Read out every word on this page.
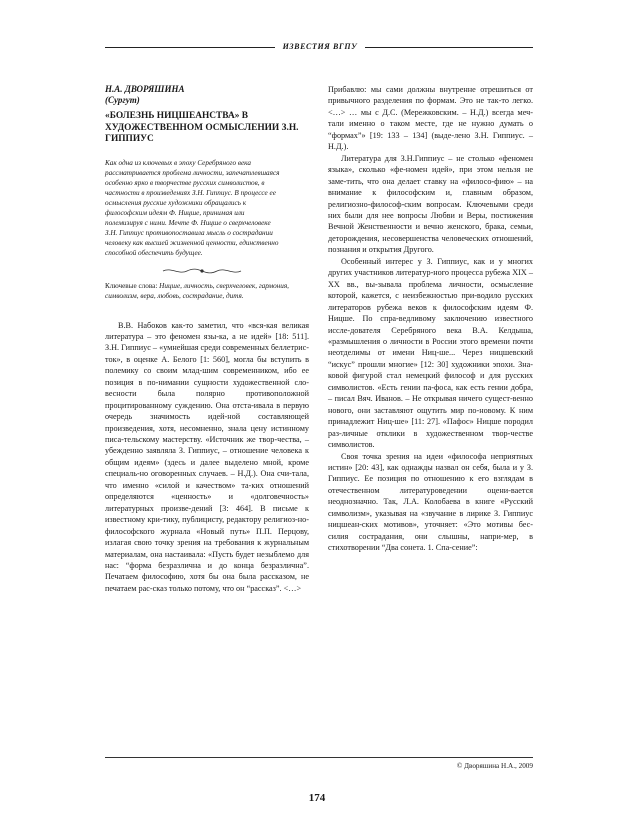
ИЗВЕСТИЯ ВГПУ

Н.А. ДВОРЯШИНА

(Сургут)

«БОЛЕЗНЬ НИЦШЕАНСТВА» В ХУДОЖЕСТВЕННОМ ОСМЫСЛЕНИИ З.Н. ГИППИУС

Как одна из ключевых в эпоху Серебряного века рассматривается проблема личности, запечатлевшаяся особенно ярко в творчестве русских символистов, в частности в произведениях З.Н. Гиппиус. В процессе ее осмысления русские художники обращались к философским идеям Ф. Ницше, принимая или полемизируя с ними. Мечте Ф. Ницше о сверхчеловеке З.Н. Гиппиус противопоставила мысль о сострадании человеку как высшей жизненной ценности, единственно способной обеспечить будущее.

Ключевые слова: Ницше, личность, сверхчеловек, гармония, символизм, вера, любовь, сострадание, дитя.

В.В. Набоков как-то заметил, что «вся-кая великая литература – это феномен язы-ка, а не идей» [18: 511]. З.Н. Гиппиус – «умнейшая среди современных беллетрис-ток», в оценке А. Белого [1: 560], могла бы вступить в полемику со своим млад-шим современником, ибо ее позиция в по-нимании сущности художественной сло-весности была полярно противоположной процитированному суждению. Она отста-ивала в первую очередь значимость идей-ной составляющей произведения, хотя, несомненно, знала цену истинному писа-тельскому мастерству. «Источник же твор-чества, – убежденно заявляла З. Гиппиус, – отношение человека к общим идеям» (здесь и далее выделено мной, кроме специаль-но оговоренных случаев. – Н.Д.). Она счи-тала, что именно «силой и качеством» та-ких отношений определяются «ценность» и «долговечность» литературных произве-дений [3: 464]. В письме к известному кри-тику, публицисту, редактору религиоз-но-философского журнала «Новый путь» П.П. Перцову, излагая свою точку зрения на требования к журнальным материалам, она настаивала: «Пусть будет незыблемо для нас: “форма безразлична и до конца безразлична”. Печатаем философию, хотя бы она была рассказом, не печатаем рас-сказ только потому, что он “рассказ”. <…>

Прибавлю: мы сами должны внутренне отрешиться от привычного разделения по формам. Это не так-то легко. <…> … мы с Д.С. (Мережковским. – Н.Д.) всегда меч-тали именно о таком месте, где не нужно думать о “формах”» [19: 133 – 134] (выде-лено З.Н. Гиппиус. – Н.Д.).

Литература для З.Н.Гиппиус – не столько «феномен языка», сколько «фе-номен идей», при этом нельзя не заме-тить, что она делает ставку на «филосо-фию» – на внимание к философским и, главным образом, религиозно-философ-ским вопросам. Ключевыми среди них были для нее вопросы Любви и Веры, постижения Вечной Женственности и вечно женского, брака, семьи, деторождения, несовершенства человеческих отношений, познания и открытия Другого.

Особенный интерес у З. Гиппиус, как и у многих других участников литератур-ного процесса рубежа XIX – XX вв., вы-зывала проблема личности, осмысление которой, кажется, с неизбежностью при-водило русских литераторов рубежа веков к философским идеям Ф. Ницше. По спра-ведливому заключению известного иссле-дователя Серебряного века В.А. Келдыша, «размышления о личности в России этого времени почти неотделимы от имени Ниц-ше... Через ницшевский “искус” прошли многие» [12: 30] художники эпохи. Зна-ковой фигурой стал немецкий философ и для русских символистов. «Есть гении па-фоса, как есть гении добра, – писал Вяч. Иванов. – Не открывая ничего сущест-венно нового, они заставляют ощутить мир по-новому. К ним принадлежит Ниц-ше» [11: 27]. «Пафос» Ницше породил раз-личные отклики в художественном твор-честве символистов.

Своя точка зрения на идеи «философа неприятных истин» [20: 43], как однажды назвал он себя, была и у З. Гиппиус. Ее позиция по отношению к его взглядам в отечественном литературоведении оцени-вается неоднозначно. Так, Л.А. Колобаева в книге «Русский символизм», указывая на «звучание в лирике З. Гиппиус ницшеан-ских мотивов», уточняет: «Это мотивы бес-силия сострадания, они слышны, напри-мер, в стихотворении “Два сонета. 1. Спа-сение”:

© Дворяшина Н.А., 2009
174
